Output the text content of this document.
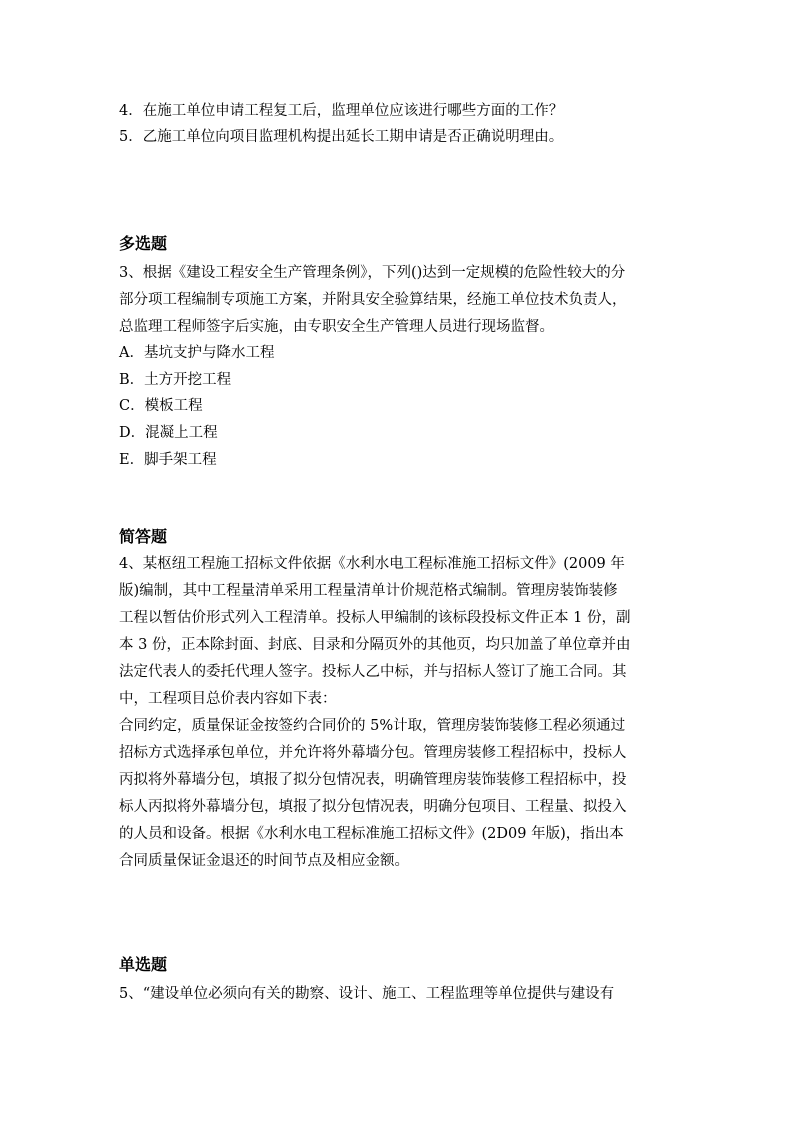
4．在施工单位申请工程复工后，监理单位应该进行哪些方面的工作？
5．乙施工单位向项目监理机构提出延长工期申请是否正确说明理由。
多选题
3、根据《建设工程安全生产管理条例》，下列()达到一定规模的危险性较大的分
部分项工程编制专项施工方案，并附具安全验算结果，经施工单位技术负责人，
总监理工程师签字后实施，由专职安全生产管理人员进行现场监督。
A．基坑支护与降水工程
B．土方开挖工程
C．模板工程
D．混凝上工程
E．脚手架工程
简答题
4、某枢纽工程施工招标文件依据《水利水电工程标准施工招标文件》(2009 年
版)编制，其中工程量清单采用工程量清单计价规范格式编制。管理房装饰装修
工程以暂估价形式列入工程清单。投标人甲编制的该标段投标文件正本 1 份，副
本 3 份，正本除封面、封底、目录和分隔页外的其他页，均只加盖了单位章并由
法定代表人的委托代理人签字。投标人乙中标，并与招标人签订了施工合同。其
中，工程项目总价表内容如下表：
合同约定，质量保证金按签约合同价的 5%计取，管理房装饰装修工程必须通过
招标方式选择承包单位，并允许将外幕墙分包。管理房装修工程招标中，投标人
丙拟将外幕墙分包，填报了拟分包情况表，明确管理房装饰装修工程招标中，投
标人丙拟将外幕墙分包，填报了拟分包情况表，明确分包项目、工程量、拟投入
的人员和设备。根据《水利水电工程标准施工招标文件》(2D09 年版)，指出本
合同质量保证金退还的时间节点及相应金额。
单选题
5、“建设单位必须向有关的勘察、设计、施工、工程监理等单位提供与建设有
